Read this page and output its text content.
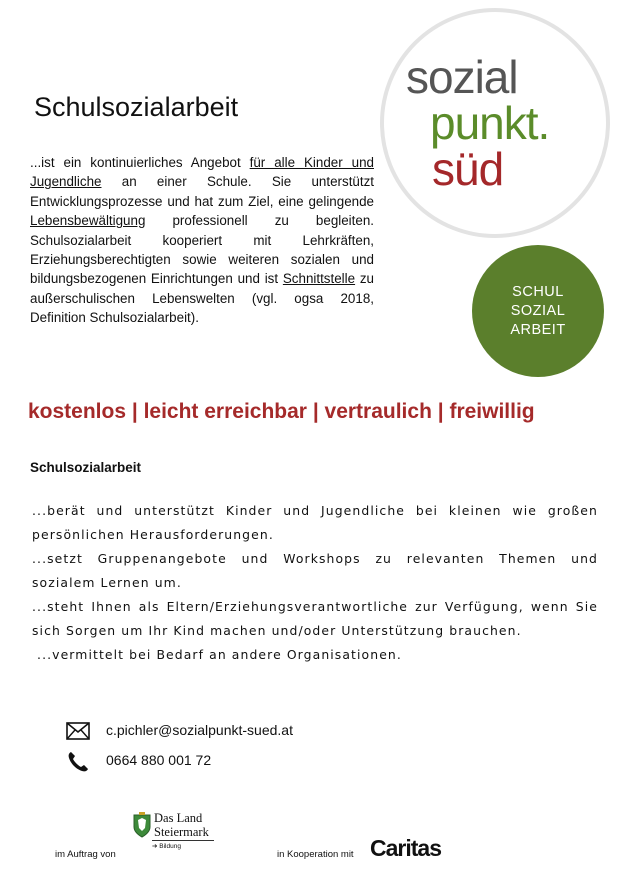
Schulsozialarbeit
...ist ein kontinuierliches Angebot für alle Kinder und Jugendliche an einer Schule. Sie unterstützt Entwicklungsprozesse und hat zum Ziel, eine gelingende Lebensbewältigung professionell zu begleiten. Schulsozialarbeit kooperiert mit Lehrkräften, Erziehungsberechtigten sowie weiteren sozialen und bildungsbezogenen Einrichtungen und ist Schnittstelle zu außerschulischen Lebenswelten (vgl. ogsa 2018, Definition Schulsozialarbeit).
sozial
punkt.
süd
SCHUL
SOZIAL
ARBEIT
kostenlos | leicht erreichbar | vertraulich | freiwillig
Schulsozialarbeit

...berät und unterstützt Kinder und Jugendliche bei kleinen wie großen persönlichen Herausforderungen.

...setzt Gruppenangebote und Workshops zu relevanten Themen und sozialem Lernen um.

...steht Ihnen als Eltern/Erziehungsverantwortliche zur Verfügung, wenn Sie sich Sorgen um Ihr Kind machen und/oder Unterstützung brauchen.

...vermittelt bei Bedarf an andere Organisationen.

c.pichler@sozialpunkt-sued.at
0664 880 001 72
im Auftrag von
Das Land
Steiermark
➔ Bildung
in Kooperation mit Caritas
